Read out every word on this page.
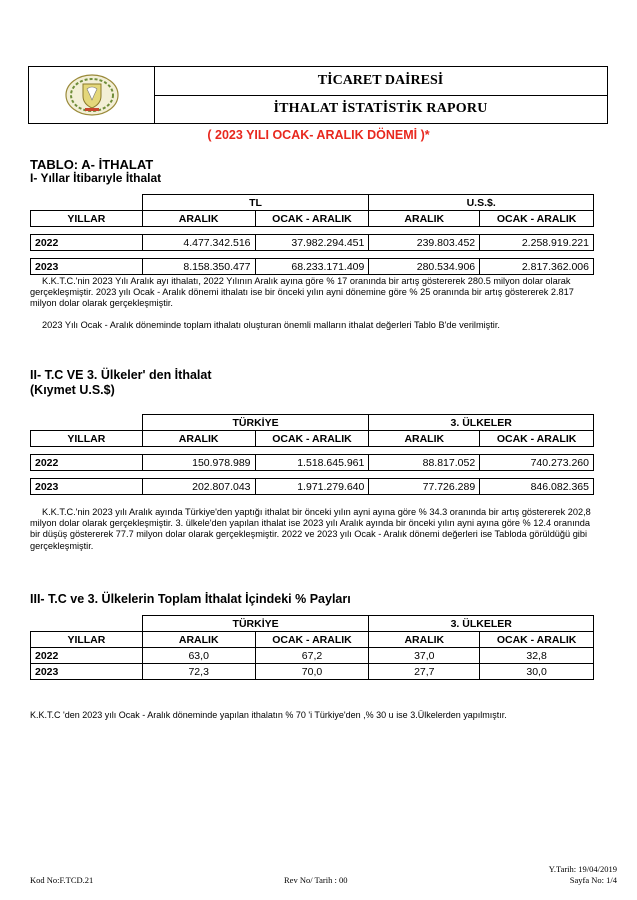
TİCARET DAİRESİ
İTHALAT İSTATİSTİK RAPORU
( 2023 YILI OCAK- ARALIK DÖNEMİ )*
TABLO: A- İTHALAT
I- Yıllar İtibarıyle İthalat
	TL		U.S.$.	
YILLAR	ARALIK	OCAK - ARALIK	ARALIK	OCAK - ARALIK

2022	4.477.342.516	37.982.294.451	239.803.452	2.258.919.221

2023	8.158.350.477	68.233.171.409	280.534.906	2.817.362.006
K.K.T.C.'nin 2023 Yılı Aralık ayı ithalatı, 2022 Yılının Aralık ayına göre % 17 oranında bir artış göstererek 280.5 milyon dolar olarak gerçekleşmiştir. 2023 yılı Ocak - Aralık dönemi ithalatı ise bir önceki yılın ayni dönemine göre % 25 oranında bir artış göstererek 2.817 milyon dolar olarak gerçekleşmiştir.
2023 Yılı Ocak - Aralık döneminde toplam ithalatı oluşturan önemli malların ithalat değerleri Tablo B'de verilmiştir.
II- T.C VE 3. Ülkeler' den İthalat
(Kıymet U.S.$)
	TÜRKİYE		3. ÜLKELER	
YILLAR	ARALIK	OCAK - ARALIK	ARALIK	OCAK - ARALIK

2022	150.978.989	1.518.645.961	88.817.052	740.273.260

2023	202.807.043	1.971.279.640	77.726.289	846.082.365
K.K.T.C.'nin 2023 yılı Aralık ayında Türkiye'den yaptığı ithalat bir önceki yılın ayni ayına göre % 34.3 oranında bir artış göstererek 202,8 milyon dolar olarak gerçekleşmiştir. 3. ülkele'den yapılan ithalat ise 2023 yılı Aralık ayında bir önceki yılın ayni ayına göre % 12.4 oranında bir düşüş göstererek 77.7 milyon dolar olarak gerçekleşmiştir. 2022 ve 2023 yılı Ocak - Aralık dönemi değerleri ise Tabloda görüldüğü gibi gerçekleşmiştir.
III- T.C ve 3. Ülkelerin Toplam İthalat İçindeki % Payları
	TÜRKİYE		3. ÜLKELER	
YILLAR	ARALIK	OCAK - ARALIK	ARALIK	OCAK - ARALIK
2022	63,0	67,2	37,0	32,8
2023	72,3	70,0	27,7	30,0
K.K.T.C 'den 2023 yılı Ocak - Aralık döneminde yapılan ithalatın % 70 'i Türkiye'den ,% 30 u ise 3.Ülkelerden yapılmıştır.
Kod No:F.TCD.21	Rev No/ Tarih : 00
Y.Tarih: 19/04/2019
Sayfa No: 1/4
